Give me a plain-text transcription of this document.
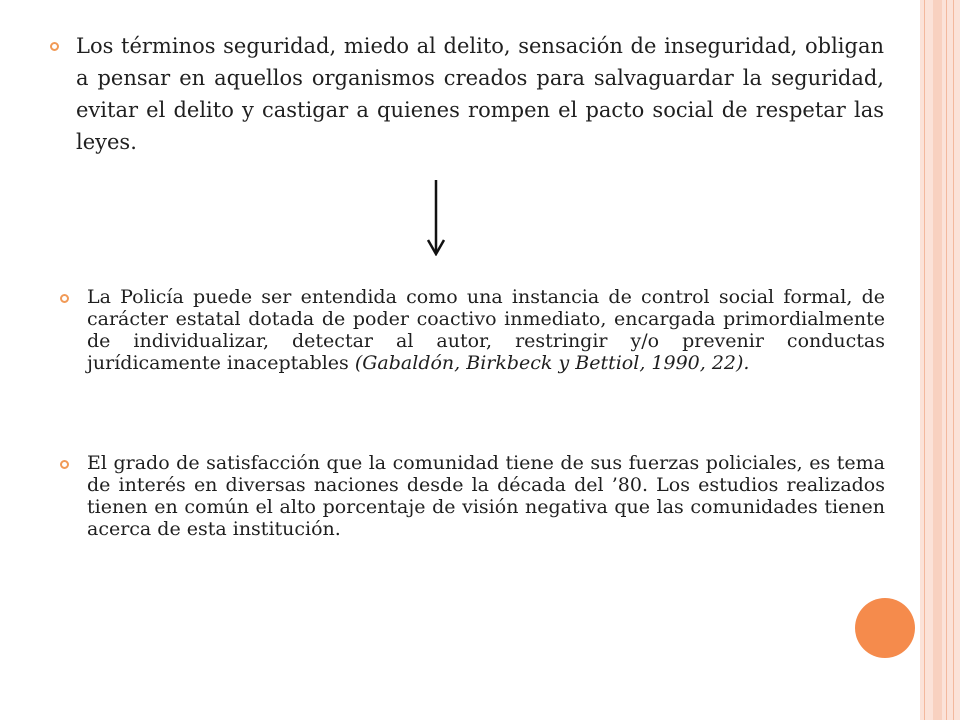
Los términos seguridad, miedo al delito, sensación de inseguridad, obligan a pensar en aquellos organismos creados para salvaguardar la seguridad, evitar el delito y castigar a quienes rompen el pacto social de respetar las leyes.
La Policía puede ser entendida como una instancia de control social formal, de carácter estatal dotada de poder coactivo inmediato, encargada primordialmente de individualizar, detectar al autor, restringir y/o prevenir conductas jurídicamente inaceptables (Gabaldón, Birkbeck y Bettiol, 1990, 22).
El grado de satisfacción que la comunidad tiene de sus fuerzas policiales, es tema de interés en diversas naciones desde la década del ’80. Los estudios realizados tienen en común el alto porcentaje de visión negativa que las comunidades tienen acerca de esta institución.
